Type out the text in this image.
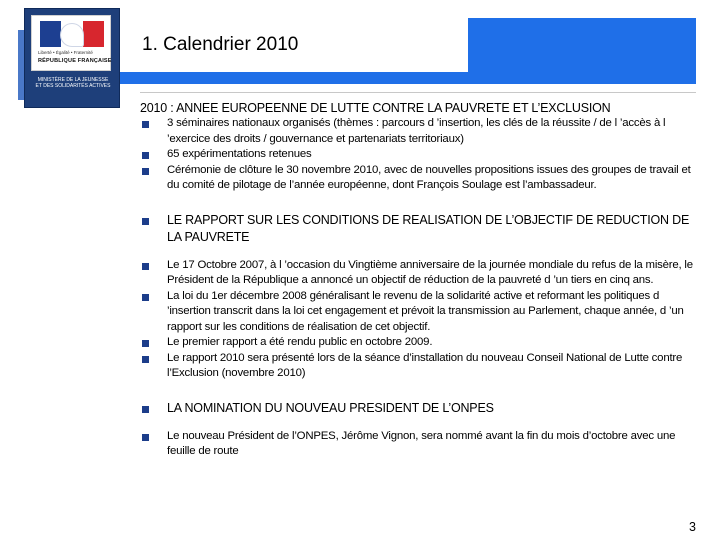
Liberté • Égalité • Fraternité
RÉPUBLIQUE FRANÇAISE
MINISTÈRE DE LA JEUNESSE ET DES SOLIDARITÉS ACTIVES
1. Calendrier 2010
2010 : ANNEE EUROPEENNE DE LUTTE CONTRE LA PAUVRETE ET L’EXCLUSION
3 séminaires nationaux organisés (thèmes : parcours d ’insertion, les clés de la réussite / de l ’accès à l ’exercice des droits / gouvernance et partenariats territoriaux)
65 expérimentations retenues
Cérémonie de clôture le 30 novembre 2010, avec de nouvelles propositions issues des groupes de travail et du comité de pilotage de l’année européenne, dont François Soulage est l’ambassadeur.
LE RAPPORT SUR LES CONDITIONS DE REALISATION DE L’OBJECTIF DE REDUCTION DE LA PAUVRETE
Le 17 Octobre 2007, à l ’occasion du Vingtième anniversaire de la journée mondiale du refus de la misère, le Président de la République a annoncé un objectif de réduction de la pauvreté d ’un tiers en cinq ans.
La loi du 1er décembre 2008 généralisant le revenu de la solidarité active et reformant les politiques d ’insertion transcrit dans la loi cet engagement et prévoit la transmission au Parlement, chaque année, d ’un rapport sur les conditions de réalisation de cet objectif.
Le premier rapport a été rendu public en octobre 2009.
Le rapport 2010 sera présenté lors de la séance d’installation du nouveau Conseil National de Lutte contre l’Exclusion (novembre 2010)
LA NOMINATION DU NOUVEAU PRESIDENT DE L’ONPES
Le nouveau Président de l’ONPES, Jérôme Vignon, sera nommé avant la fin du mois d’octobre avec une feuille de route
3
